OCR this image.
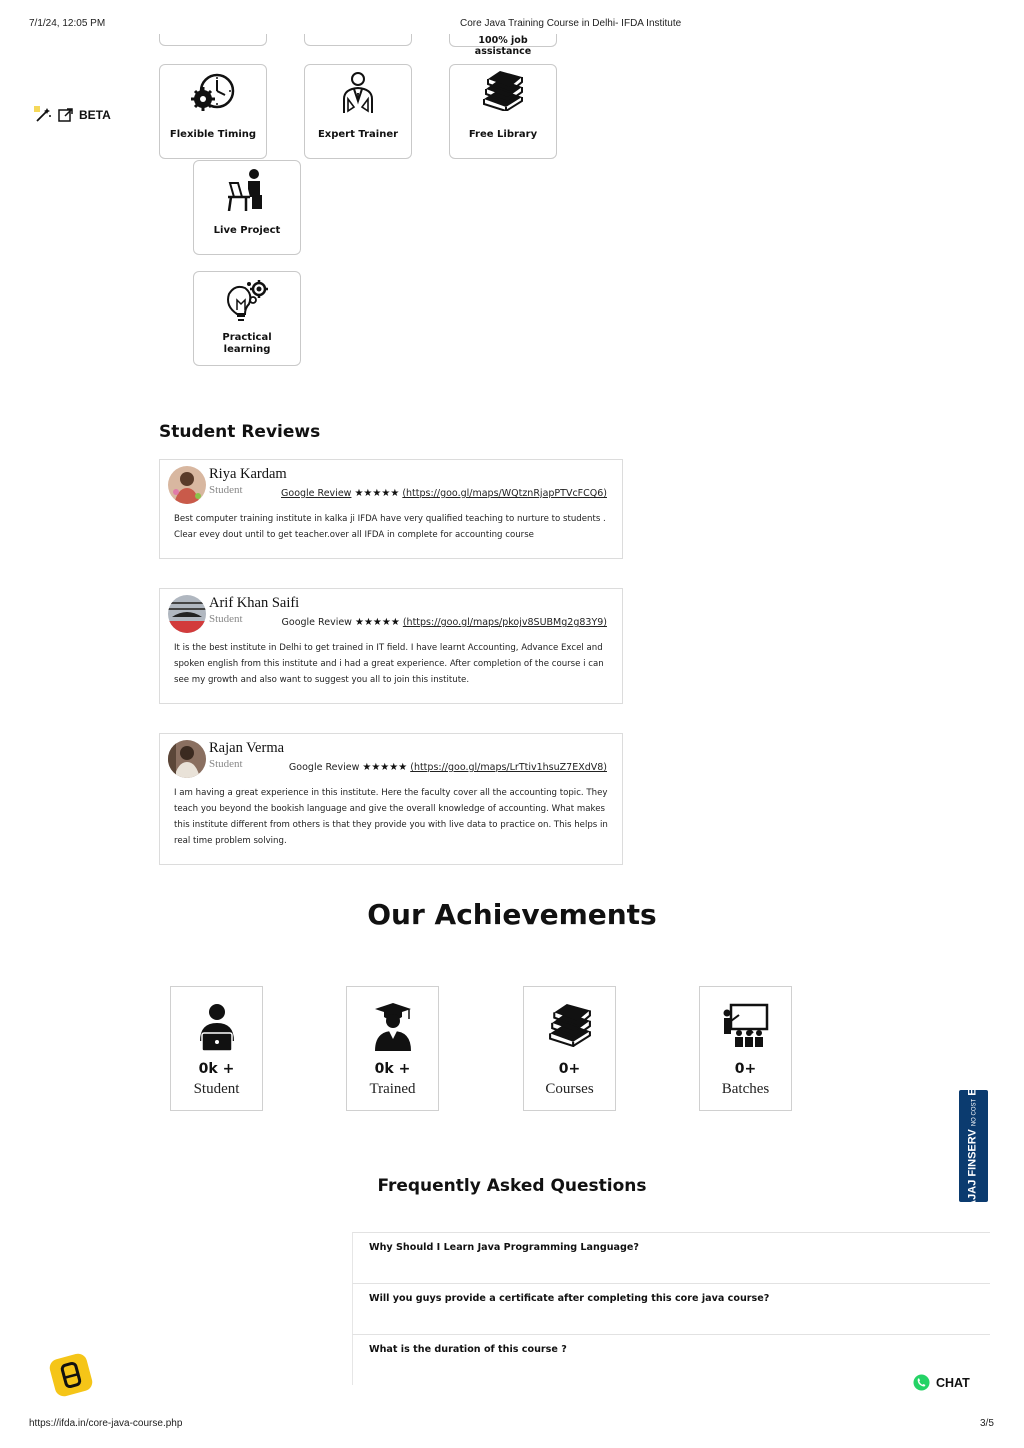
7/1/24, 12:05 PM	Core Java Training Course in Delhi- IFDA Institute
https://ifda.in/core-java-course.php	3/5
BETA
100% job assistance
Flexible Timing	Expert Trainer	Free Library
Live Project
Practical learning
Student Reviews
Riya Kardam
Student	Google Review ★★★★★ (https://goo.gl/maps/WQtznRjapPTVcFCQ6)
Best computer training institute in kalka ji IFDA have very qualified teaching to nurture to students . Clear evey dout until to get teacher.over all IFDA in complete for accounting course
Arif Khan Saifi
Student	Google Review ★★★★★ (https://goo.gl/maps/pkojv8SUBMg2g83Y9)
It is the best institute in Delhi to get trained in IT field. I have learnt Accounting, Advance Excel and spoken english from this institute and i had a great experience. After completion of the course i can see my growth and also want to suggest you all to join this institute.
Rajan Verma
Student	Google Review ★★★★★ (https://goo.gl/maps/LrTtiv1hsuZ7EXdV8)
I am having a great experience in this institute. Here the faculty cover all the accounting topic. They teach you beyond the bookish language and give the overall knowledge of accounting. What makes this institute different from others is that they provide you with live data to practice on. This helps in real time problem solving.
Our Achievements
0k +
Student
0k +
Trained
0+
Courses
0+
Batches
Frequently Asked Questions
Why Should I Learn Java Programming Language?
Will you guys provide a certificate after completing this core java course?
What is the duration of this course ?
BAJAJ FINSERVNO COSTEMI
CHAT
